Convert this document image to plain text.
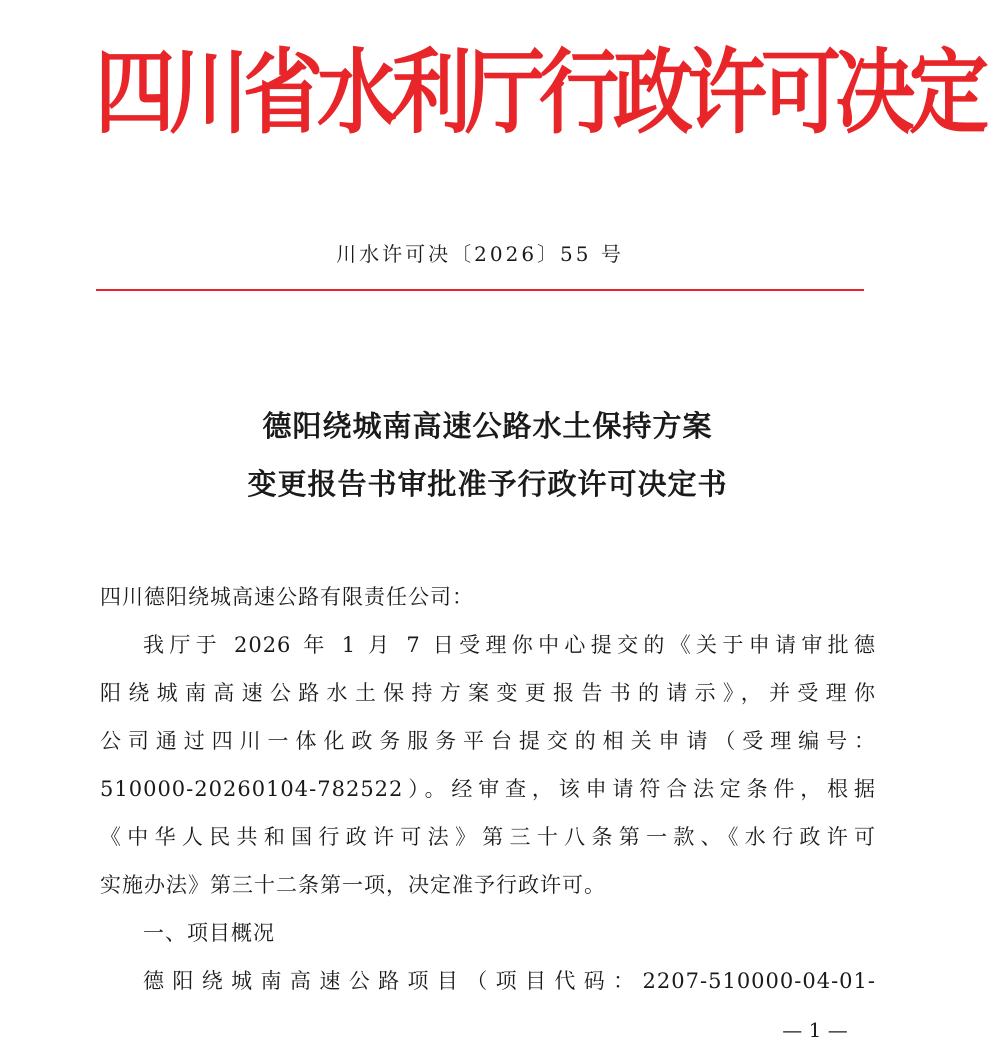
四川省水利厅行政许可决定
川水许可决〔2026〕55 号
德阳绕城南高速公路水土保持方案
变更报告书审批准予行政许可决定书
四川德阳绕城高速公路有限责任公司：
我厅于 2026 年 1 月 7 日受理你中心提交的《关于申请审批德
阳绕城南高速公路水土保持方案变更报告书的请示》，并受理你
公司通过四川一体化政务服务平台提交的相关申请（受理编号：
510000-20260104-782522）。经审查，该申请符合法定条件，根据
《中华人民共和国行政许可法》第三十八条第一款、《水行政许可
实施办法》第三十二条第一项，决定准予行政许可。
一、项目概况
德阳绕城南高速公路项目（项目代码：2207-510000-04-01-
— 1 —
